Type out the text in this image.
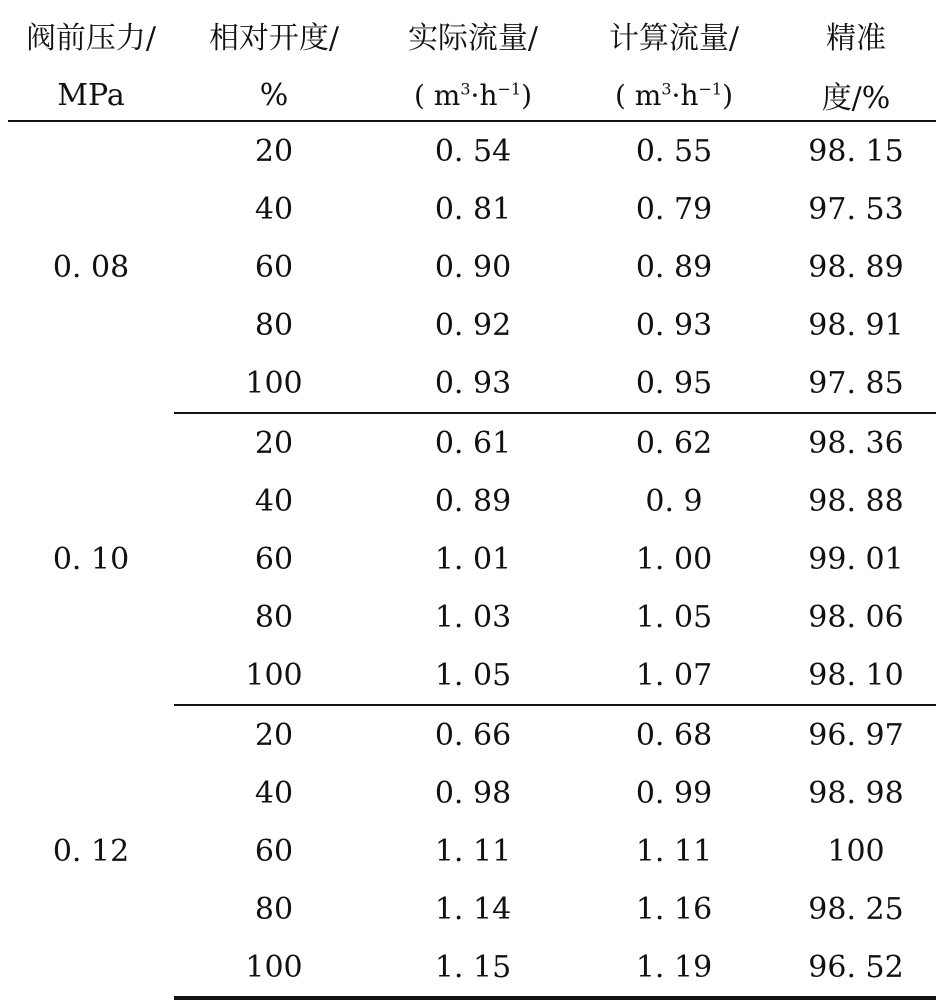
阀前压力/	相对开度/	实际流量/	计算流量/	精准
MPa	%	( $m^3\cdot h^{-1}$)	( $m^3\cdot h^{-1}$)	度/%
0. 08	20	0. 54	0. 55	98. 15
	40	0. 81	0. 79	97. 53
	60	0. 90	0. 89	98. 89
	80	0. 92	0. 93	98. 91
	100	0. 93	0. 95	97. 85
0. 10	20	0. 61	0. 62	98. 36
	40	0. 89	0. 9	98. 88
	60	1. 01	1. 00	99. 01
	80	1. 03	1. 05	98. 06
	100	1. 05	1. 07	98. 10
0. 12	20	0. 66	0. 68	96. 97
	40	0. 98	0. 99	98. 98
	60	1. 11	1. 11	100
	80	1. 14	1. 16	98. 25
	100	1. 15	1. 19	96. 52
